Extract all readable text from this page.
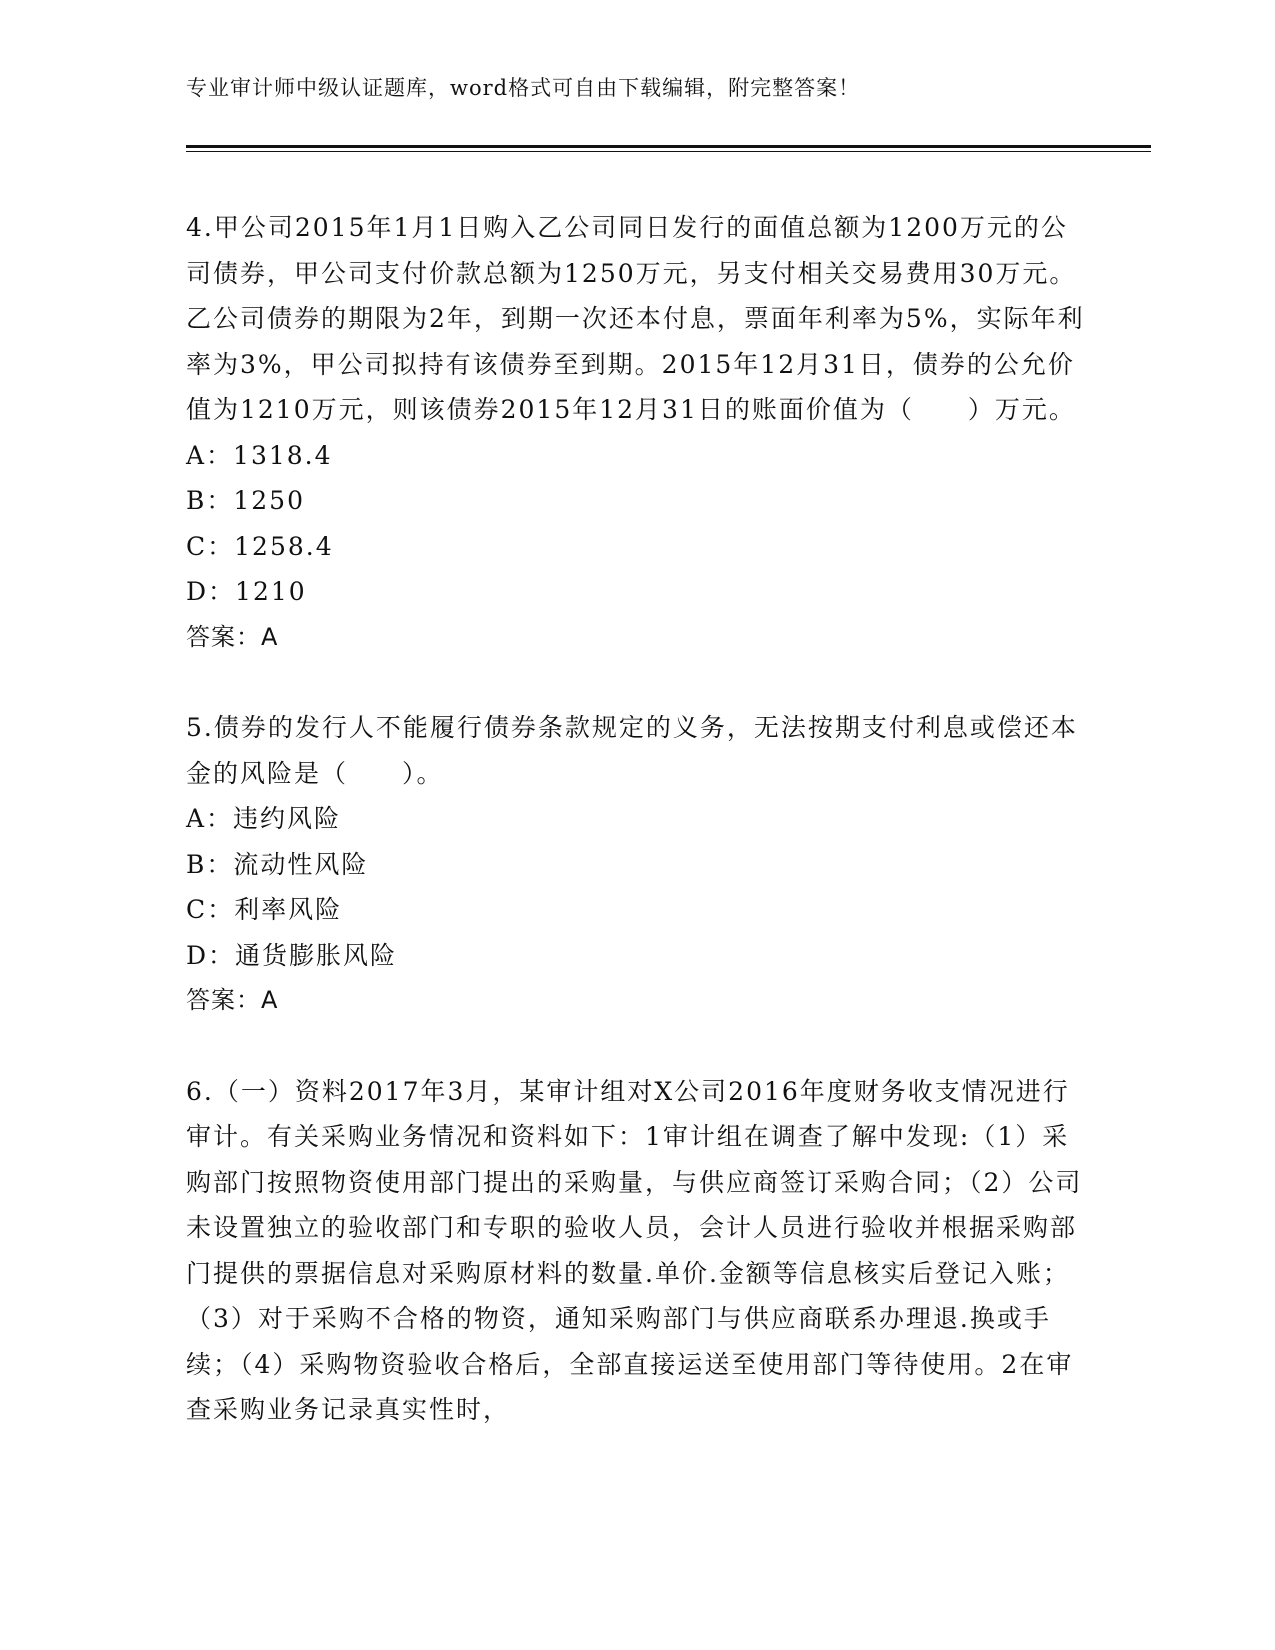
专业审计师中级认证题库，word格式可自由下载编辑，附完整答案！

4.甲公司2015年1月1日购入乙公司同日发行的面值总额为1200万元的公司债券，甲公司支付价款总额为1250万元，另支付相关交易费用30万元。乙公司债券的期限为2年，到期一次还本付息，票面年利率为5%，实际年利率为3%，甲公司拟持有该债券至到期。2015年12月31日，债券的公允价值为1210万元，则该债券2015年12月31日的账面价值为（　　）万元。

A：1318.4

B：1250

C：1258.4

D：1210

答案：A

5.债券的发行人不能履行债券条款规定的义务，无法按期支付利息或偿还本金的风险是（　　）。

A：违约风险

B：流动性风险

C：利率风险

D：通货膨胀风险

答案：A

6.（一）资料2017年3月，某审计组对X公司2016年度财务收支情况进行审计。有关采购业务情况和资料如下：1审计组在调查了解中发现:（1）采购部门按照物资使用部门提出的采购量，与供应商签订采购合同；（2）公司未设置独立的验收部门和专职的验收人员，会计人员进行验收并根据采购部门提供的票据信息对采购原材料的数量.单价.金额等信息核实后登记入账；（3）对于采购不合格的物资，通知采购部门与供应商联系办理退.换或手续；（4）采购物资验收合格后，全部直接运送至使用部门等待使用。2在审查采购业务记录真实性时，
